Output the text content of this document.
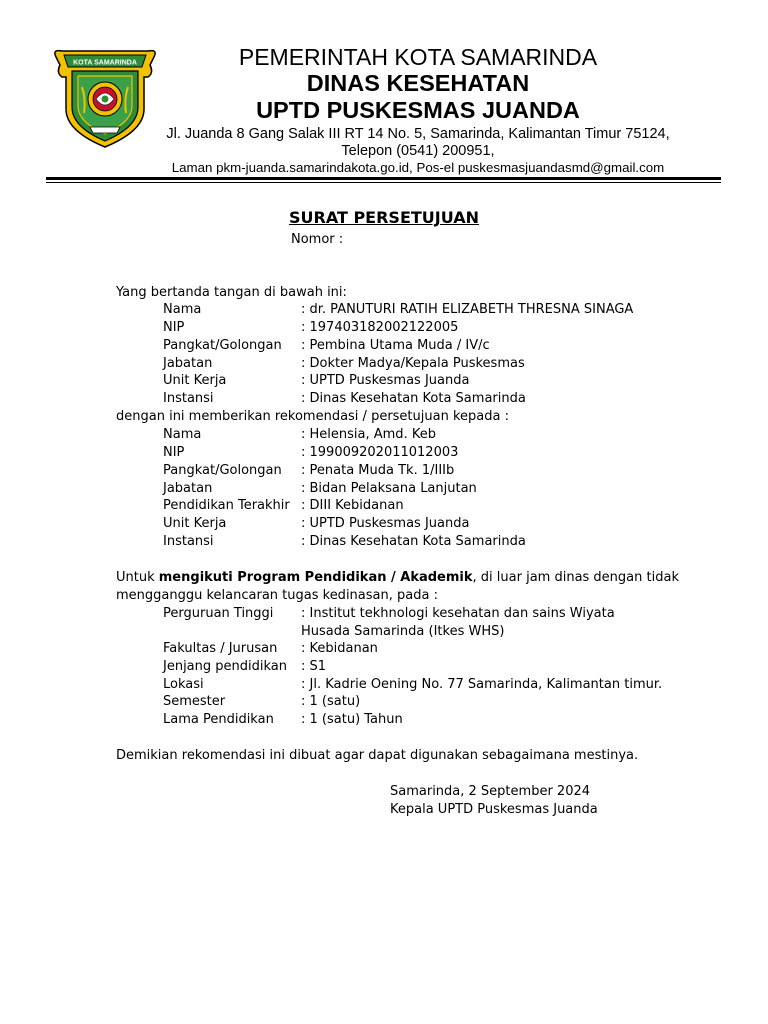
KOTA SAMARINDA	PEMERINTAH KOTA SAMARINDA
DINAS KESEHATAN
UPTD PUSKESMAS JUANDA
Jl. Juanda 8 Gang Salak III RT 14 No. 5, Samarinda, Kalimantan Timur 75124,
Telepon (0541) 200951,
Laman pkm-juanda.samarindakota.go.id, Pos-el puskesmasjuandasmd@gmail.com
SURAT PERSETUJUAN
Nomor :
Yang bertanda tangan di bawah ini:
Nama	: dr. PANUTURI RATIH ELIZABETH THRESNA SINAGA
NIP	: 197403182002122005
Pangkat/Golongan : Pembina Utama Muda / IV/c
Jabatan	: Dokter Madya/Kepala Puskesmas
Unit Kerja	: UPTD Puskesmas Juanda
Instansi	: Dinas Kesehatan Kota Samarinda
dengan ini memberikan rekomendasi / persetujuan kepada :
Nama	: Helensia, Amd. Keb
NIP	: 199009202011012003
Pangkat/Golongan : Penata Muda Tk. 1/IIIb
Jabatan	: Bidan Pelaksana Lanjutan
Pendidikan Terakhir : DIII Kebidanan
Unit Kerja	: UPTD Puskesmas Juanda
Instansi	: Dinas Kesehatan Kota Samarinda
Untuk mengikuti Program Pendidikan / Akademik, di luar jam dinas dengan tidak
mengganggu kelancaran tugas kedinasan, pada :
Perguruan Tinggi : Institut tekhnologi kesehatan dan sains Wiyata
Husada Samarinda (Itkes WHS)
Fakultas / Jurusan : Kebidanan
Jenjang pendidikan : S1
Lokasi	: Jl. Kadrie Oening No. 77 Samarinda, Kalimantan timur.
Semester	: 1 (satu)
Lama Pendidikan : 1 (satu) Tahun
Demikian rekomendasi ini dibuat agar dapat digunakan sebagaimana mestinya.
Samarinda, 2 September 2024
Kepala UPTD Puskesmas Juanda
